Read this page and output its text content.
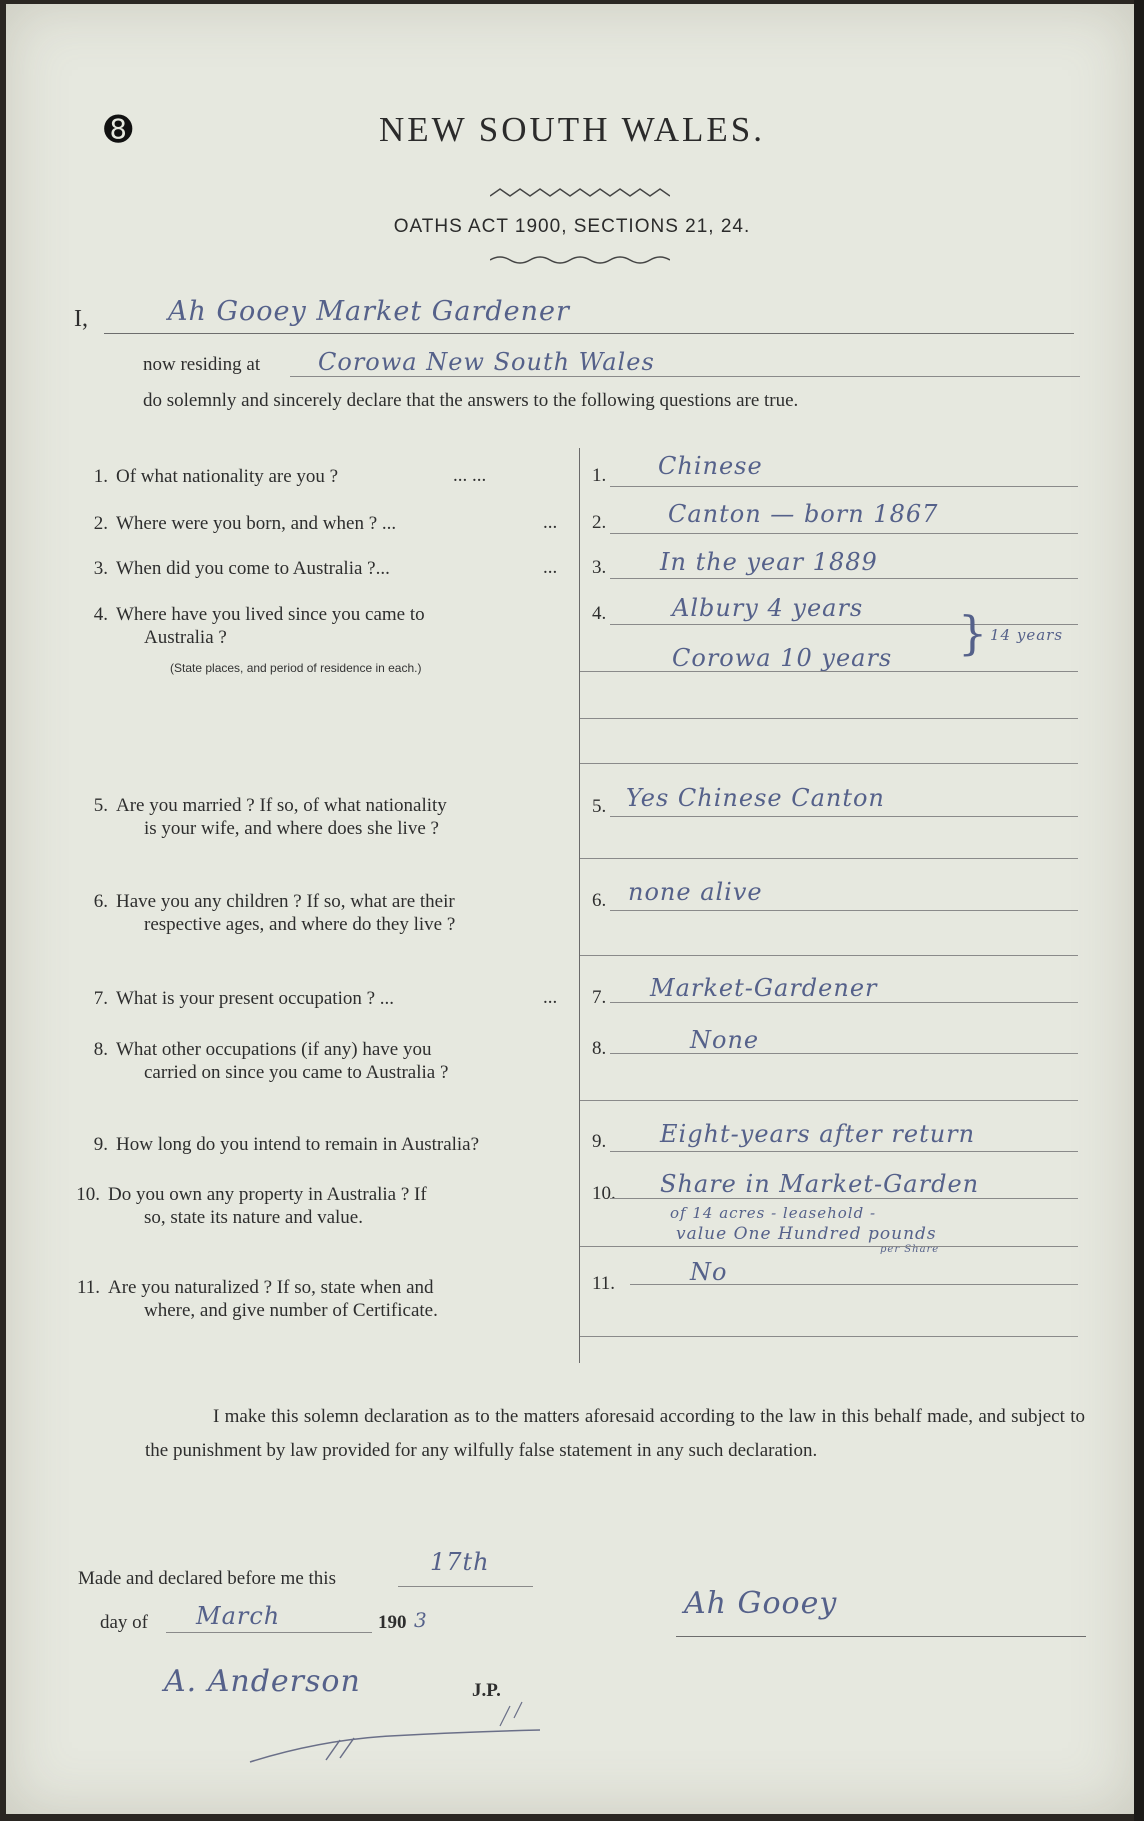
➑	NEW SOUTH WALES.
OATHS ACT 1900, SECTIONS 21, 24.
I,	Ah Gooey Market Gardener
now residing at Corowa New South Wales
do solemnly and sincerely declare that the answers to the following questions are true.
1. Of what nationality are you ?	... ...	1. Chinese
2. Where were you born, and when ? ...	... 2.	Canton — born 1867
3. When did you come to Australia ?...	... 3. In the year 1889
4. Where have you lived since you came to
Australia ?
(State places, and period of residence in each.)
4.	Albury 4 years
Corowa 10 years
14 years
}
5. Are you married ? If so, of what nationality
is your wife, and where does she live ?
5. Yes Chinese Canton
6. Have you any children ? If so, what are their
respective ages, and where do they live ?
6. none alive
7. What is your present occupation ? ...	... 7. Market-Gardener
8. What other occupations (if any) have you
carried on since you came to Australia ?
8.	None
9. How long do you intend to remain in Australia?	9. Eight-years after return
10. Do you own any property in Australia ? If
so, state its nature and value.
10. Share in Market-Garden
of 14 acres - leasehold -
value One Hundred pounds
per Share
11. Are you naturalized ? If so, state when and
where, and give number of Certificate.
11.	No
I make this solemn declaration as to the matters aforesaid according to the law in this behalf made, and subject to the punishment by law provided for any wilfully false statement in any such declaration.
Made and declared before me this
17th
day of March	190 3	Ah Gooey
A. Anderson	J.P.
